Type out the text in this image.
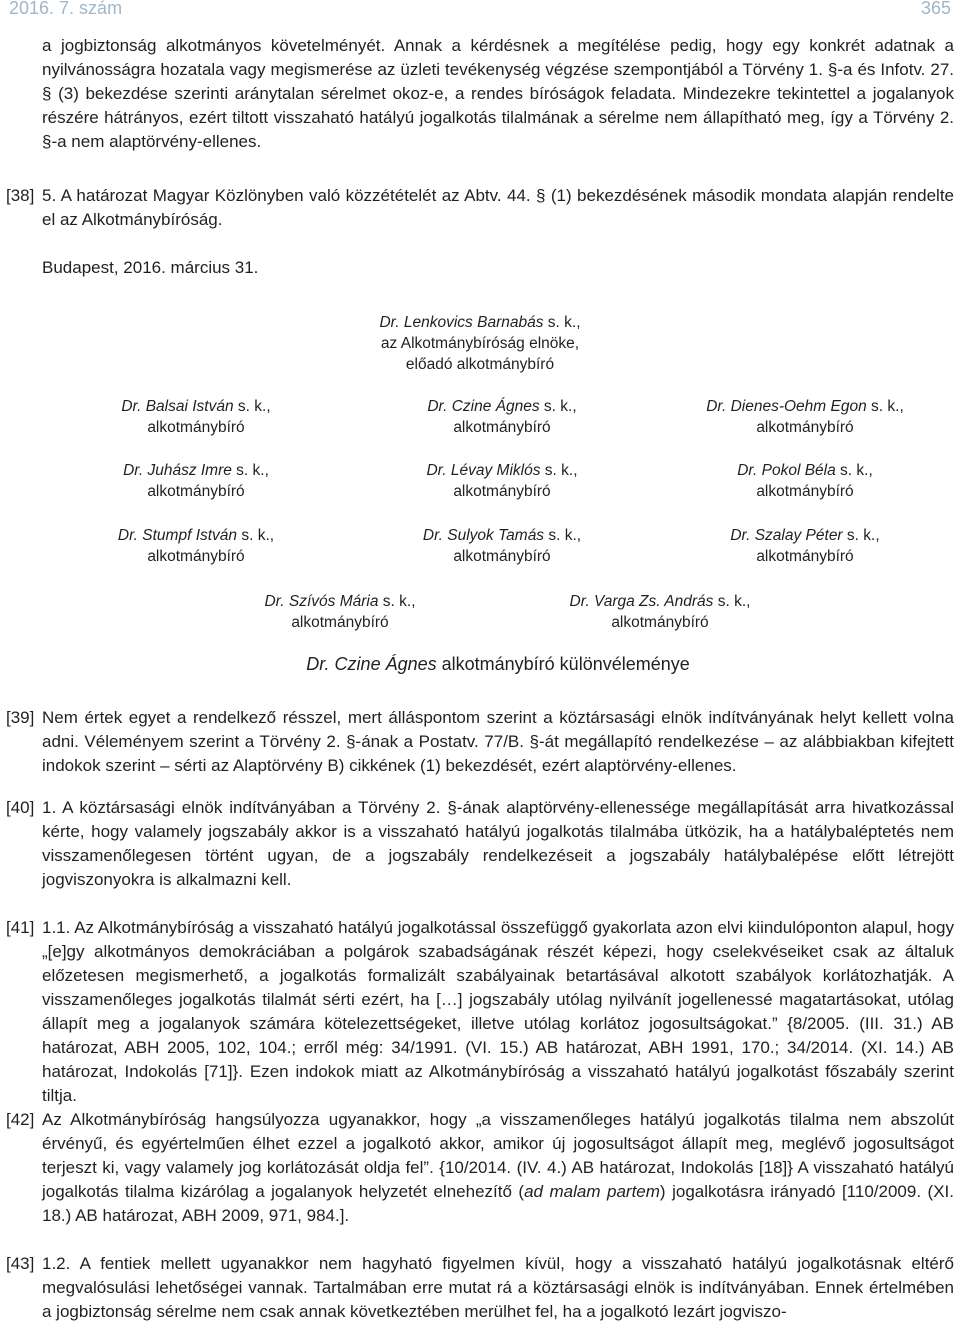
2016. 7. szám	365
a jogbiztonság alkotmányos követelményét. Annak a kérdésnek a megítélése pedig, hogy egy konkrét adatnak a nyilvánosságra hozatala vagy megismerése az üzleti tevékenység végzése szempontjából a Törvény 1. §-a és Infotv. 27. § (3) bekezdése szerinti aránytalan sérelmet okoz-e, a rendes bíróságok feladata. Mindezekre tekintettel a jogalanyok részére hátrányos, ezért tiltott visszaható hatályú jogalkotás tilalmának a sérelme nem állapítható meg, így a Törvény 2. §-a nem alaptörvény-ellenes.
[38] 5. A határozat Magyar Közlönyben való közzétételét az Abtv. 44. § (1) bekezdésének második mondata alapján rendelte el az Alkotmánybíróság.
Budapest, 2016. március 31.
Dr. Lenkovics Barnabás s. k.,
az Alkotmánybíróság elnöke,
előadó alkotmánybíró
Dr. Balsai István s. k.,
alkotmánybíró
Dr. Czine Ágnes s. k.,
alkotmánybíró
Dr. Dienes-Oehm Egon s. k.,
alkotmánybíró
Dr. Juhász Imre s. k.,
alkotmánybíró
Dr. Lévay Miklós s. k.,
alkotmánybíró
Dr. Pokol Béla s. k.,
alkotmánybíró
Dr. Stumpf István s. k.,
alkotmánybíró
Dr. Sulyok Tamás s. k.,
alkotmánybíró
Dr. Szalay Péter s. k.,
alkotmánybíró
Dr. Szívós Mária s. k.,
alkotmánybíró
Dr. Varga Zs. András s. k.,
alkotmánybíró
Dr. Czine Ágnes alkotmánybíró különvéleménye
[39] Nem értek egyet a rendelkező résszel, mert álláspontom szerint a köztársasági elnök indítványának helyt kellett volna adni. Véleményem szerint a Törvény 2. §-ának a Postatv. 77/B. §-át megállapító rendelkezése – az alábbiakban kifejtett indokok szerint – sérti az Alaptörvény B) cikkének (1) bekezdését, ezért alaptörvény-ellenes.
[40] 1. A köztársasági elnök indítványában a Törvény 2. §-ának alaptörvény-ellenessége megállapítását arra hivatkozással kérte, hogy valamely jogszabály akkor is a visszaható hatályú jogalkotás tilalmába ütközik, ha a hatálybaléptetés nem visszamenőlegesen történt ugyan, de a jogszabály rendelkezéseit a jogszabály hatálybalépése előtt létrejött jogviszonyokra is alkalmazni kell.
[41] 1.1. Az Alkotmánybíróság a visszaható hatályú jogalkotással összefüggő gyakorlata azon elvi kiindulóponton alapul, hogy „[e]gy alkotmányos demokráciában a polgárok szabadságának részét képezi, hogy cselekvéseiket csak az általuk előzetesen megismerhető, a jogalkotás formalizált szabályainak betartásával alkotott szabályok korlátozhatják. A visszamenőleges jogalkotás tilalmát sérti ezért, ha […] jogszabály utólag nyilvánít jogellenessé magatartásokat, utólag állapít meg a jogalanyok számára kötelezettségeket, illetve utólag korlátoz jogosultságokat.” {8/2005. (III. 31.) AB határozat, ABH 2005, 102, 104.; erről még: 34/1991. (VI. 15.) AB határozat, ABH 1991, 170.; 34/2014. (XI. 14.) AB határozat, Indokolás [71]}. Ezen indokok miatt az Alkotmánybíróság a visszaható hatályú jogalkotást főszabály szerint tiltja.
[42] Az Alkotmánybíróság hangsúlyozza ugyanakkor, hogy „a visszamenőleges hatályú jogalkotás tilalma nem abszolút érvényű, és egyértelműen élhet ezzel a jogalkotó akkor, amikor új jogosultságot állapít meg, meglévő jogosultságot terjeszt ki, vagy valamely jog korlátozását oldja fel”. {10/2014. (IV. 4.) AB határozat, Indokolás [18]} A visszaható hatályú jogalkotás tilalma kizárólag a jogalanyok helyzetét elnehezítő (ad malam partem) jogalkotásra irányadó [110/2009. (XI. 18.) AB határozat, ABH 2009, 971, 984.].
[43] 1.2. A fentiek mellett ugyanakkor nem hagyható figyelmen kívül, hogy a visszaható hatályú jogalkotásnak eltérő megvalósulási lehetőségei vannak. Tartalmában erre mutat rá a köztársasági elnök is indítványában. Ennek értelmében a jogbiztonság sérelme nem csak annak következtében merülhet fel, ha a jogalkotó lezárt jogviszo-
